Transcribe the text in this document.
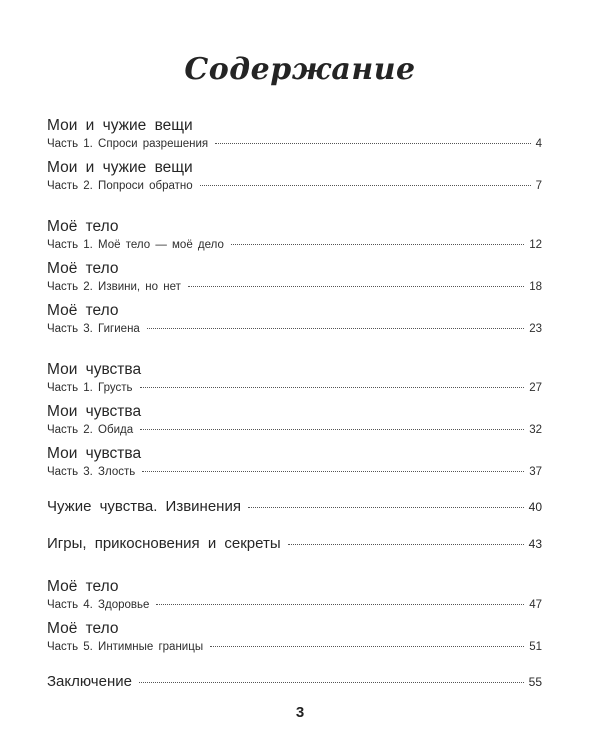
Содержание
Мои и чужие вещи
Часть 1. Спроси разрешения	4
Мои и чужие вещи
Часть 2. Попроси обратно	7
Моё тело
Часть 1. Моё тело — моё дело	12
Моё тело
Часть 2. Извини, но нет	18
Моё тело
Часть 3. Гигиена	23
Мои чувства
Часть 1. Грусть	27
Мои чувства
Часть 2. Обида	32
Мои чувства
Часть 3. Злость	37
Чужие чувства. Извинения	40
Игры, прикосновения и секреты	43
Моё тело
Часть 4. Здоровье	47
Моё тело
Часть 5. Интимные границы	51
Заключение	55
3
